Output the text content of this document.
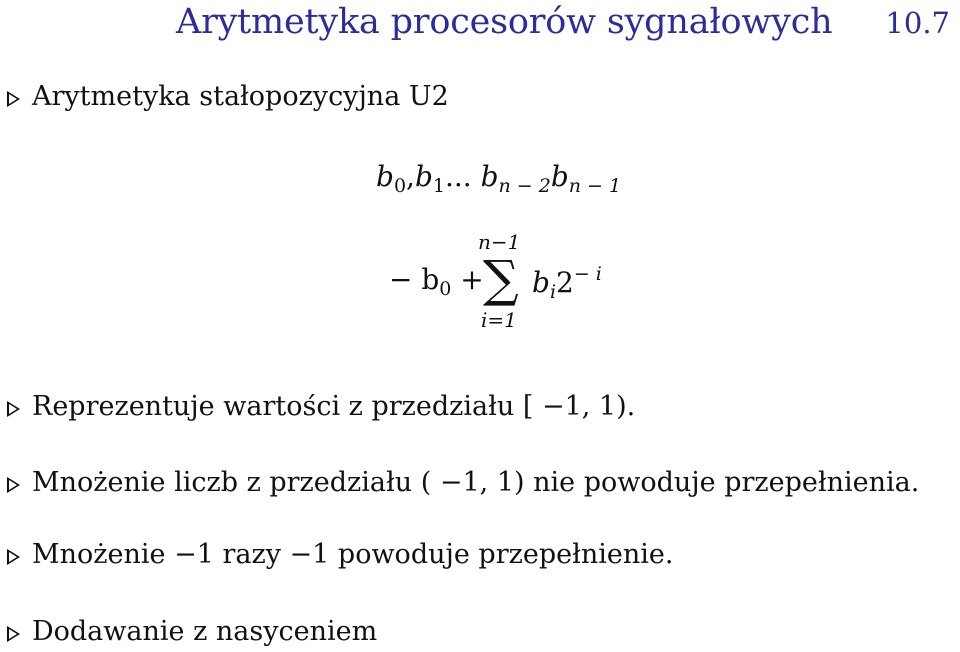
Arytmetyka procesorów sygnałowych 10.7
Arytmetyka stałopozycyjna U2
$b_0,b_1$... $b_{n - 2}b_{n - 1}$
− $b_0$ +
n−1
∑
i=1
$b_i2^{- i}$
Reprezentuje wartości z przedziału [ −1, 1).
Mnożenie liczb z przedziału ( −1, 1) nie powoduje przepełnienia.
Mnożenie −1 razy −1 powoduje przepełnienie.
Dodawanie z nasyceniem
